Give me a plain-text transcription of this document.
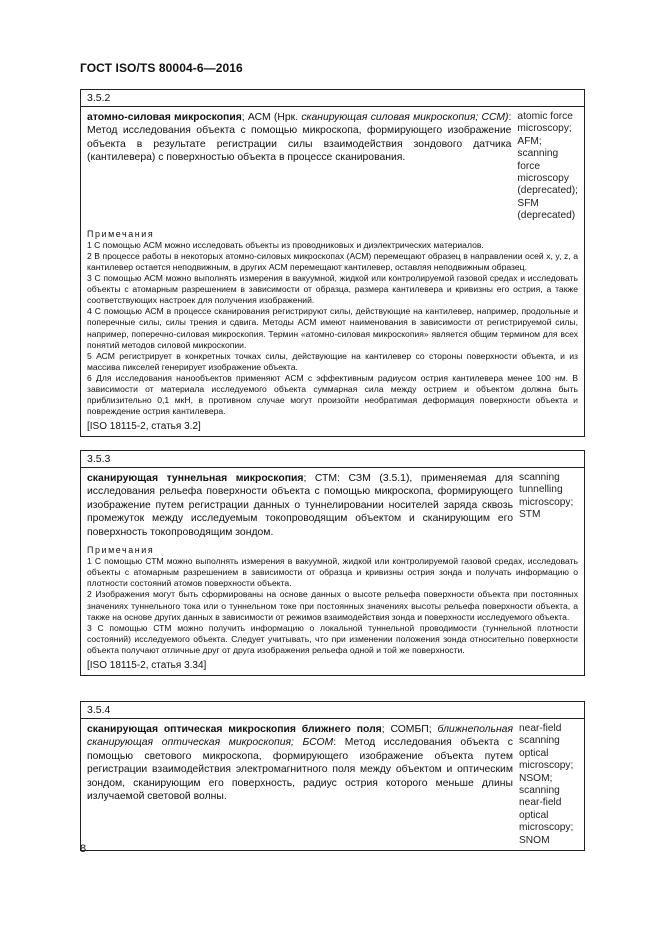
ГОСТ ISO/TS 80004-6—2016
3.5.2
атомно-силовая микроскопия; АСМ (Нрк. сканирующая силовая микроскопия; ССМ): Метод исследования объекта с помощью микроскопа, формирующего изображение объекта в результате регистрации силы взаимодействия зондового датчика (кантилевера) с поверхностью объекта в процессе сканирования.
atomic force microscopy; AFM; scanning force microscopy (deprecated); SFM (deprecated)
Примечания
1 С помощью АСМ можно исследовать объекты из проводниковых и диэлектрических материалов.
2 В процессе работы в некоторых атомно-силовых микроскопах (АСМ) перемещают образец в направлении осей x, y, z, а кантилевер остается неподвижным, в других АСМ перемещают кантилевер, оставляя неподвижным образец.
3 С помощью АСМ можно выполнять измерения в вакуумной, жидкой или контролируемой газовой средах и исследовать объекты с атомарным разрешением в зависимости от образца, размера кантилевера и кривизны его острия, а также соответствующих настроек для получения изображений.
4 С помощью АСМ в процессе сканирования регистрируют силы, действующие на кантилевер, например, продольные и поперечные силы, силы трения и сдвига. Методы АСМ имеют наименования в зависимости от регистрируемой силы, например, поперечно-силовая микроскопия. Термин «атомно-силовая микроскопия» является общим термином для всех понятий методов силовой микроскопии.
5 АСМ регистрирует в конкретных точках силы, действующие на кантилевер со стороны поверхности объекта, и из массива пикселей генерирует изображение объекта.
6 Для исследования нанообъектов применяют АСМ с эффективным радиусом острия кантилевера менее 100 нм. В зависимости от материала исследуемого объекта суммарная сила между острием и объектом должна быть приблизительно 0,1 мкН, в противном случае могут произойти необратимая деформация поверхности объекта и повреждение острия кантилевера.
[ISO 18115-2, статья 3.2]
3.5.3
сканирующая туннельная микроскопия; СТМ: СЗМ (3.5.1), применяемая для исследования рельефа поверхности объекта с помощью микроскопа, формирующего изображение путем регистрации данных о туннелировании носителей заряда сквозь промежуток между исследуемым токопроводящим объектом и сканирующим его поверхность токопроводящим зондом.
scanning tunnelling microscopy; STM
Примечания
1 С помощью СТМ можно выполнять измерения в вакуумной, жидкой или контролируемой газовой средах, исследовать объекты с атомарным разрешением в зависимости от образца и кривизны острия зонда и получать информацию о плотности состояний атомов поверхности объекта.
2 Изображения могут быть сформированы на основе данных о высоте рельефа поверхности объекта при постоянных значениях туннельного тока или о туннельном токе при постоянных значениях высоты рельефа поверхности объекта, а также на основе других данных в зависимости от режимов взаимодействия зонда и поверхности исследуемого объекта.
3 С помощью СТМ можно получить информацию о локальной туннельной проводимости (туннельной плотности состояний) исследуемого объекта. Следует учитывать, что при изменении положения зонда относительно поверхности объекта получают отличные друг от друга изображения рельефа одной и той же поверхности.
[ISO 18115-2, статья 3.34]
3.5.4
сканирующая оптическая микроскопия ближнего поля; СОМБП; ближнепольная сканирующая оптическая микроскопия; БСОМ: Метод исследования объекта с помощью светового микроскопа, формирующего изображение объекта путем регистрации взаимодействия электромагнитного поля между объектом и оптическим зондом, сканирующим его поверхность, радиус острия которого меньше длины излучаемой световой волны.
near-field scanning optical microscopy; NSOM; scanning near-field optical microscopy; SNOM
8
